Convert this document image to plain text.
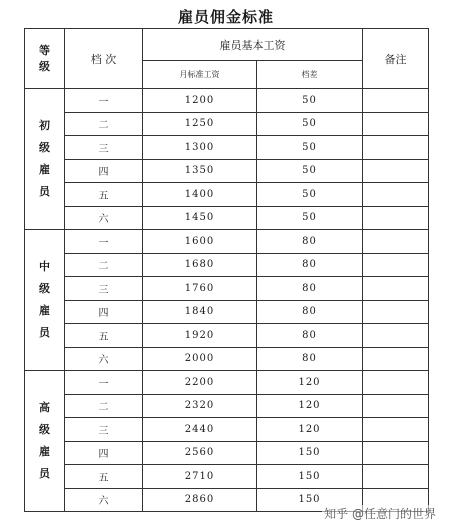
雇员佣金标准
等
级	档 次	雇员基本工资		备注
		月标准工资	档差	
初
级
雇
员	一	1200	50	
	二	1250	50	
	三	1300	50	
	四	1350	50	
	五	1400	50	
	六	1450	50	
中
级
雇
员	一	1600	80	
	二	1680	80	
	三	1760	80	
	四	1840	80	
	五	1920	80	
	六	2000	80	
高
级
雇
员	一	2200	120	
	二	2320	120	
	三	2440	120	
	四	2560	150	
	五	2710	150	
	六	2860	150	
知乎 @任意门的世界
